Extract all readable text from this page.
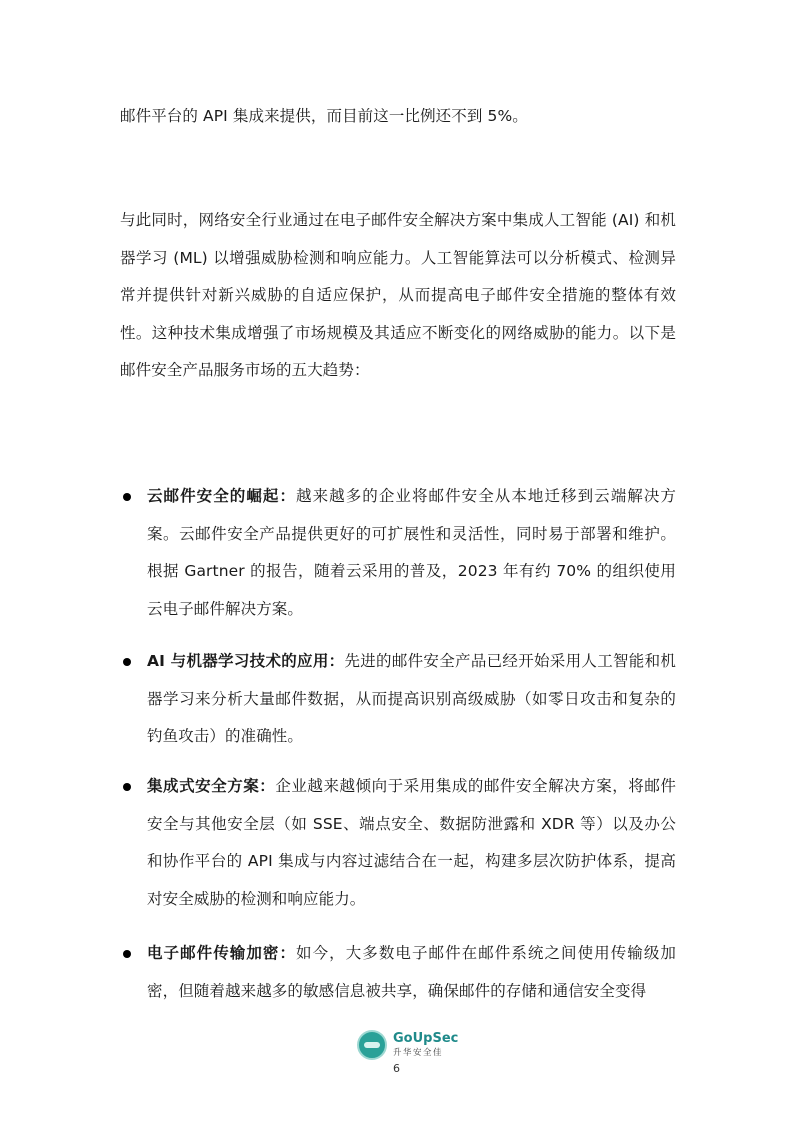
邮件平台的 API 集成来提供，而目前这一比例还不到 5%。

与此同时，网络安全行业通过在电子邮件安全解决方案中集成人工智能 (AI) 和机器学习 (ML) 以增强威胁检测和响应能力。人工智能算法可以分析模式、检测异常并提供针对新兴威胁的自适应保护，从而提高电子邮件安全措施的整体有效性。这种技术集成增强了市场规模及其适应不断变化的网络威胁的能力。以下是邮件安全产品服务市场的五大趋势：

云邮件安全的崛起：越来越多的企业将邮件安全从本地迁移到云端解决方案。云邮件安全产品提供更好的可扩展性和灵活性，同时易于部署和维护。根据 Gartner 的报告，随着云采用的普及，2023 年有约 70% 的组织使用云电子邮件解决方案。
AI 与机器学习技术的应用：先进的邮件安全产品已经开始采用人工智能和机器学习来分析大量邮件数据，从而提高识别高级威胁（如零日攻击和复杂的钓鱼攻击）的准确性。
集成式安全方案：企业越来越倾向于采用集成的邮件安全解决方案，将邮件安全与其他安全层（如 SSE、端点安全、数据防泄露和 XDR 等）以及办公和协作平台的 API 集成与内容过滤结合在一起，构建多层次防护体系，提高对安全威胁的检测和响应能力。
电子邮件传输加密：如今，大多数电子邮件在邮件系统之间使用传输级加密，但随着越来越多的敏感信息被共享，确保邮件的存储和通信安全变得
GoUpSec
升华安全佳
6
